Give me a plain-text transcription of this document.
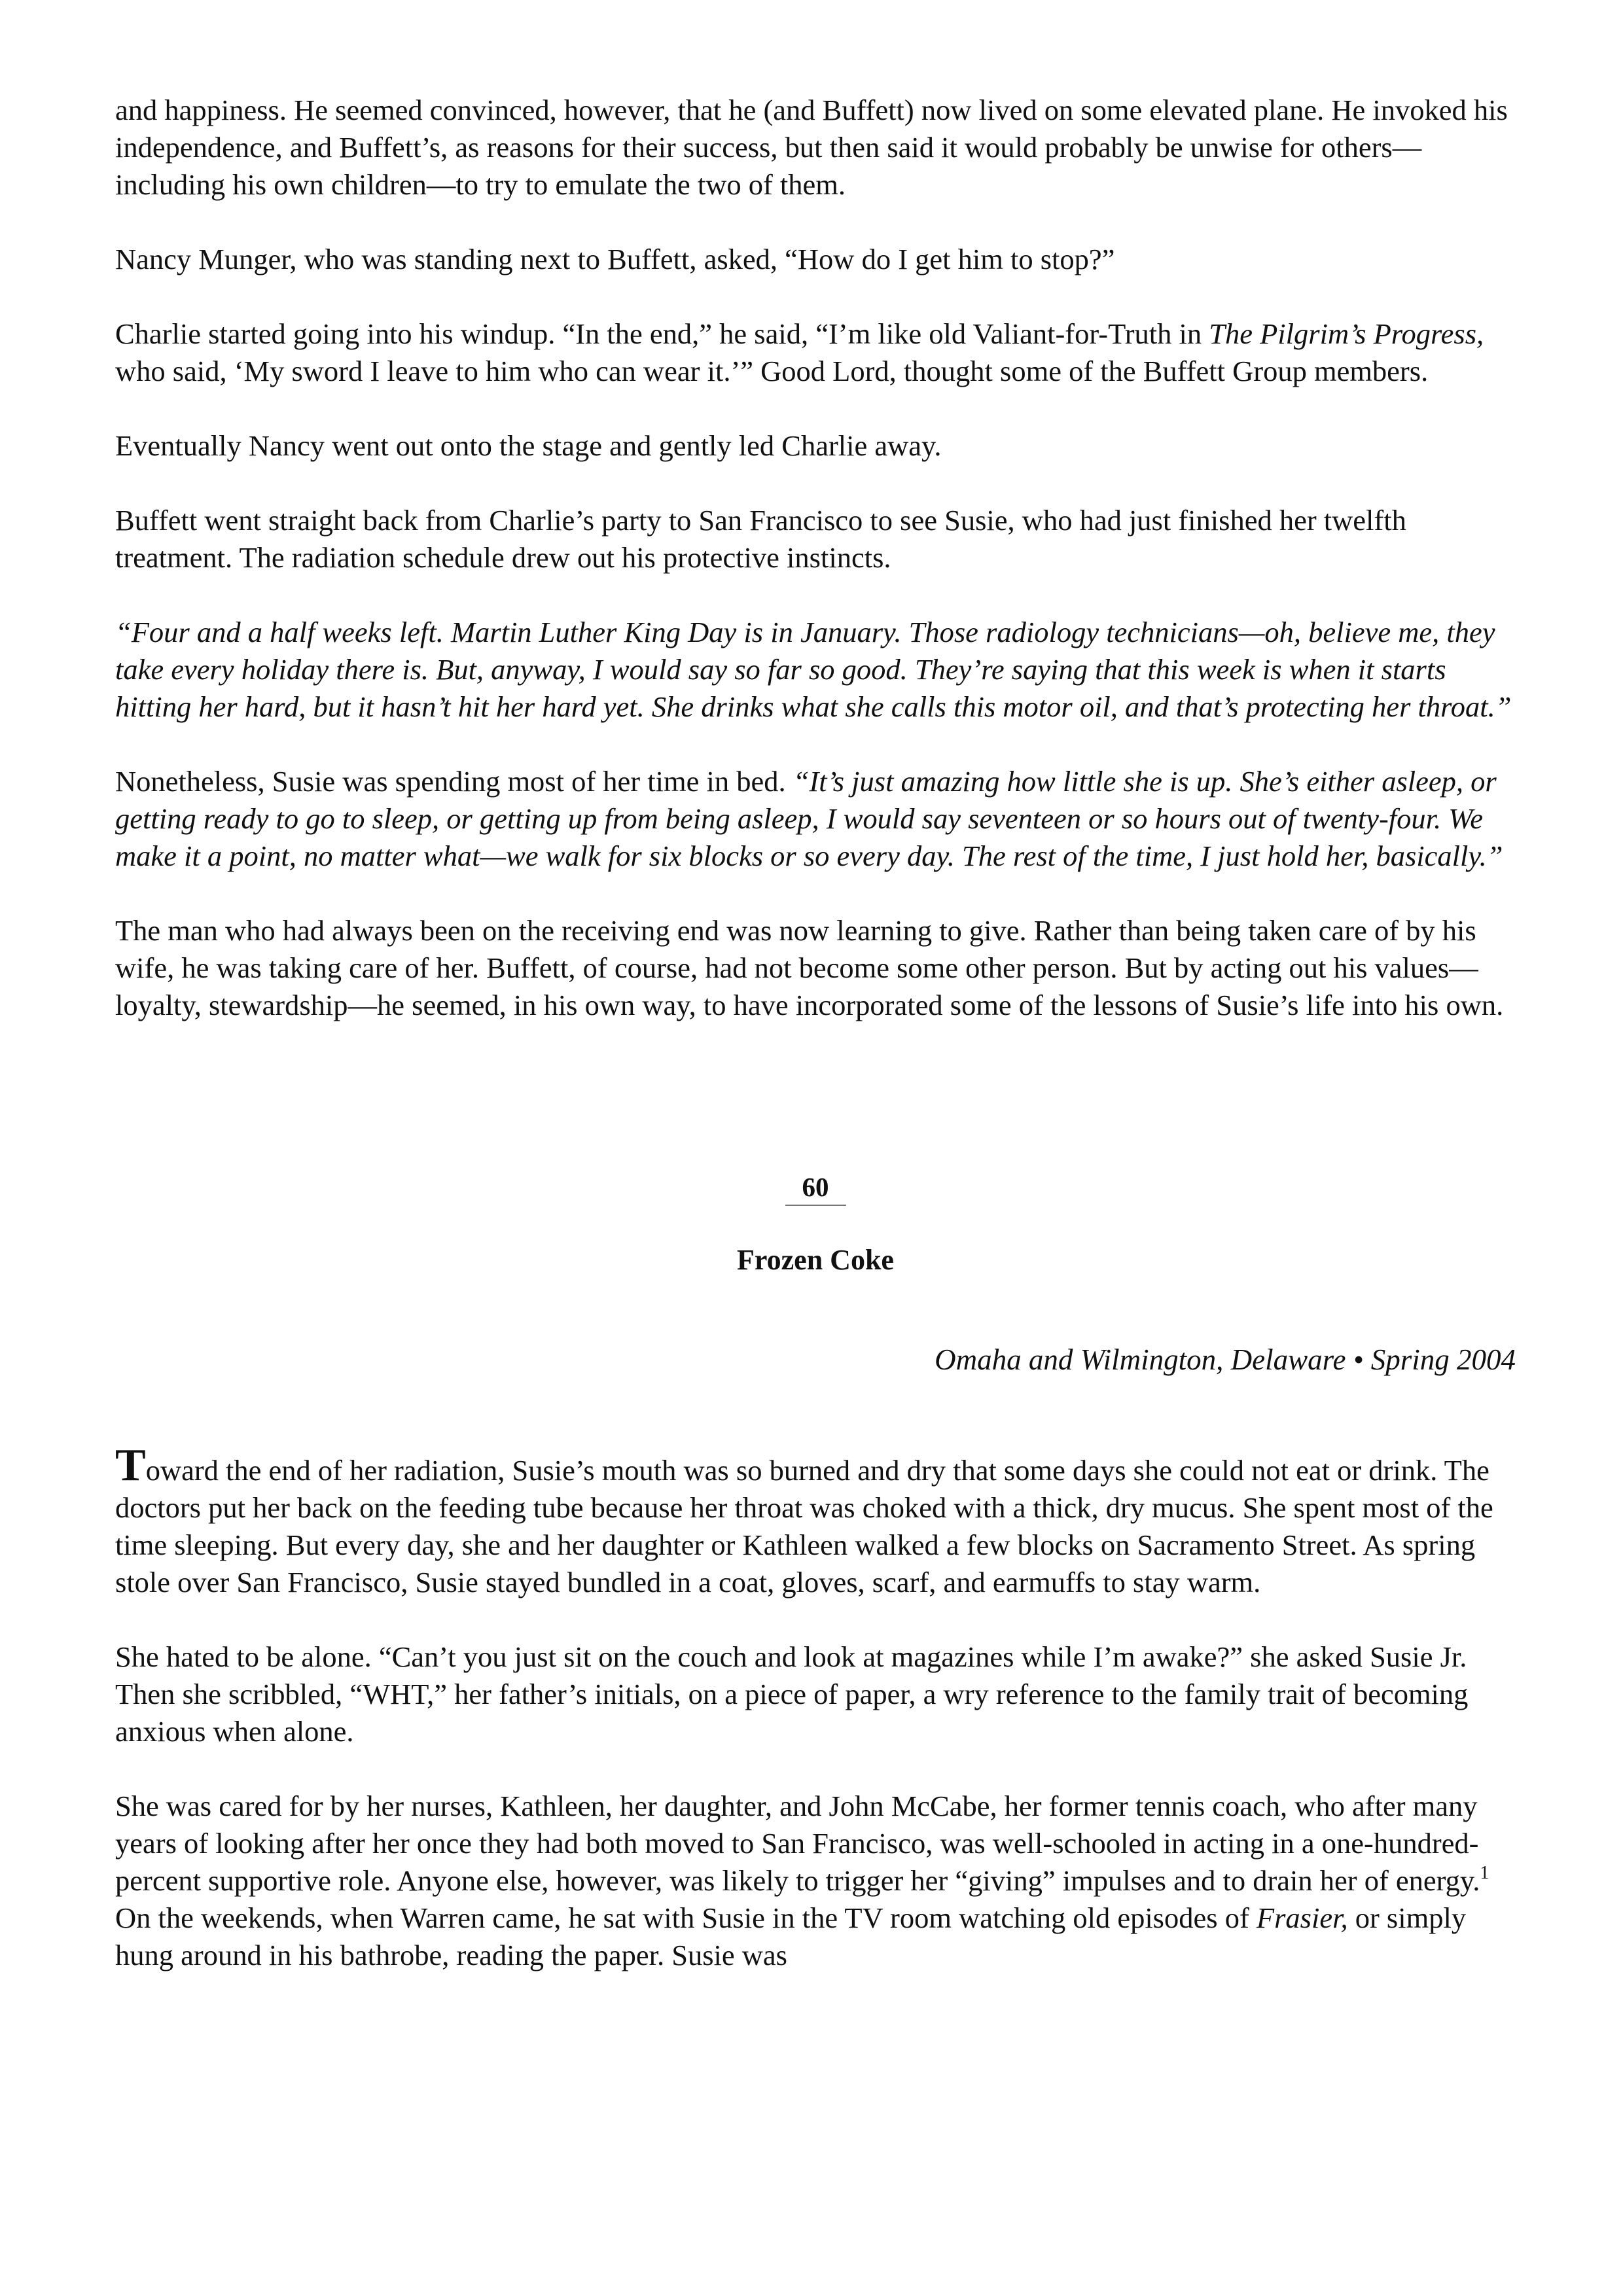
and happiness. He seemed convinced, however, that he (and Buffett) now lived on some elevated plane. He invoked his independence, and Buffett’s, as reasons for their success, but then said it would probably be unwise for others—including his own children—to try to emulate the two of them.

Nancy Munger, who was standing next to Buffett, asked, “How do I get him to stop?”

Charlie started going into his windup. “In the end,” he said, “I’m like old Valiant-for-Truth in The Pilgrim’s Progress, who said, ‘My sword I leave to him who can wear it.’” Good Lord, thought some of the Buffett Group members.

Eventually Nancy went out onto the stage and gently led Charlie away.

Buffett went straight back from Charlie’s party to San Francisco to see Susie, who had just finished her twelfth treatment. The radiation schedule drew out his protective instincts.

“Four and a half weeks left. Martin Luther King Day is in January. Those radiology technicians—oh, believe me, they take every holiday there is. But, anyway, I would say so far so good. They’re saying that this week is when it starts hitting her hard, but it hasn’t hit her hard yet. She drinks what she calls this motor oil, and that’s protecting her throat.”

Nonetheless, Susie was spending most of her time in bed. “It’s just amazing how little she is up. She’s either asleep, or getting ready to go to sleep, or getting up from being asleep, I would say seventeen or so hours out of twenty-four. We make it a point, no matter what—we walk for six blocks or so every day. The rest of the time, I just hold her, basically.”

The man who had always been on the receiving end was now learning to give. Rather than being taken care of by his wife, he was taking care of her. Buffett, of course, had not become some other person. But by acting out his values—loyalty, stewardship—he seemed, in his own way, to have incorporated some of the lessons of Susie’s life into his own.

60
Frozen Coke
Omaha and Wilmington, Delaware • Spring 2004

Toward the end of her radiation, Susie’s mouth was so burned and dry that some days she could not eat or drink. The doctors put her back on the feeding tube because her throat was choked with a thick, dry mucus. She spent most of the time sleeping. But every day, she and her daughter or Kathleen walked a few blocks on Sacramento Street. As spring stole over San Francisco, Susie stayed bundled in a coat, gloves, scarf, and earmuffs to stay warm.

She hated to be alone. “Can’t you just sit on the couch and look at magazines while I’m awake?” she asked Susie Jr. Then she scribbled, “WHT,” her father’s initials, on a piece of paper, a wry reference to the family trait of becoming anxious when alone.

She was cared for by her nurses, Kathleen, her daughter, and John McCabe, her former tennis coach, who after many years of looking after her once they had both moved to San Francisco, was well-schooled in acting in a one-hundred-percent supportive role. Anyone else, however, was likely to trigger her “giving” impulses and to drain her of energy.$^1$ On the weekends, when Warren came, he sat with Susie in the TV room watching old episodes of Frasier, or simply hung around in his bathrobe, reading the paper. Susie was
